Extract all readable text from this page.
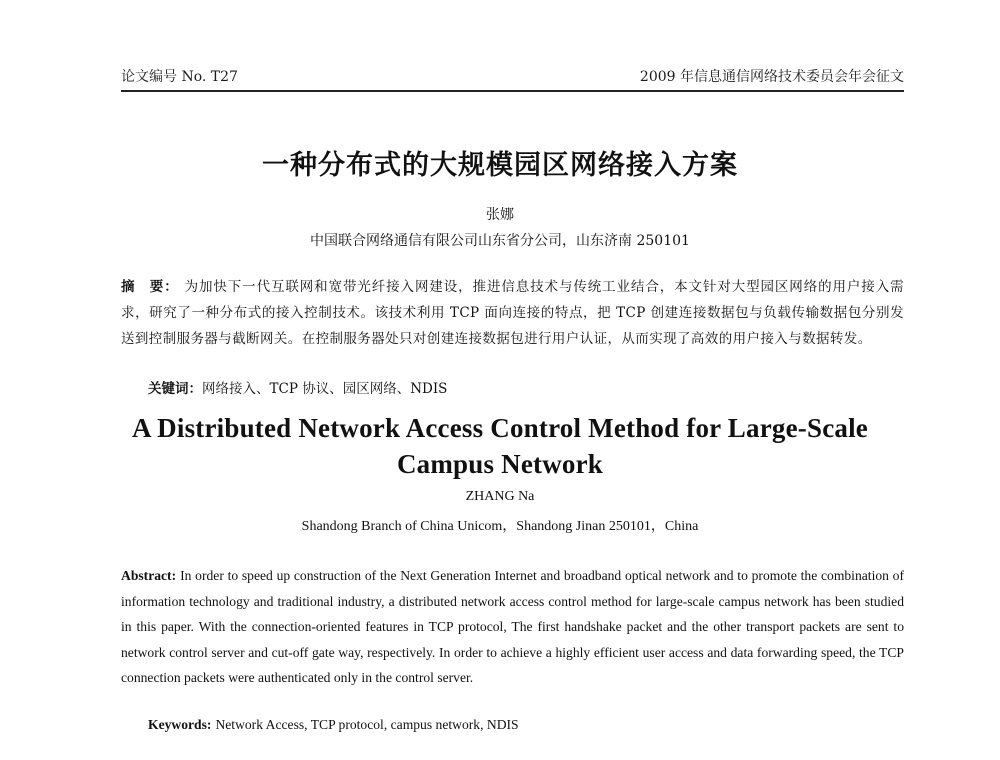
论文编号 No. T27	2009 年信息通信网络技术委员会年会征文
一种分布式的大规模园区网络接入方案
张娜
中国联合网络通信有限公司山东省分公司，山东济南 250101
摘　要： 为加快下一代互联网和宽带光纤接入网建设，推进信息技术与传统工业结合，本文针对大型园区网络的用户接入需求，研究了一种分布式的接入控制技术。该技术利用 TCP 面向连接的特点，把 TCP 创建连接数据包与负载传输数据包分别发送到控制服务器与截断网关。在控制服务器处只对创建连接数据包进行用户认证，从而实现了高效的用户接入与数据转发。
关键词：网络接入、TCP 协议、园区网络、NDIS
A Distributed Network Access Control Method for Large-Scale Campus Network
ZHANG Na
Shandong Branch of China Unicom，Shandong Jinan 250101，China
Abstract: In order to speed up construction of the Next Generation Internet and broadband optical network and to promote the combination of information technology and traditional industry, a distributed network access control method for large-scale campus network has been studied in this paper. With the connection-oriented features in TCP protocol, The first handshake packet and the other transport packets are sent to network control server and cut-off gate way, respectively. In order to achieve a highly efficient user access and data forwarding speed, the TCP connection packets were authenticated only in the control server.
Keywords: Network Access, TCP protocol, campus network, NDIS
